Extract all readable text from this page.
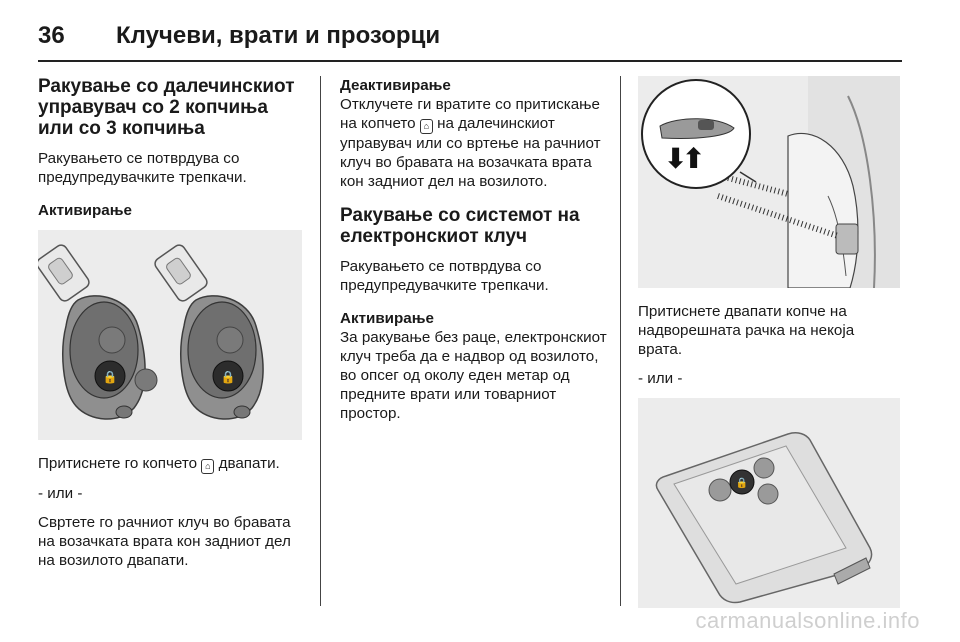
36	Клучеви, врати и прозорци

Ракување со далечинскиот управувач со 2 копчиња или со 3 копчиња

Ракувањето се потврдува со предупредувачките трепкачи.

Активирање

🔒	🔒

Притиснете го копчето ⌂ двапати.

- или -

Свртете го рачниот клуч во бравата на возачката врата кон задниот дел на возилото двапати.

Деактивирање

Отклучете ги вратите со притискање на копчето ⌂ на далечинскиот управувач или со вртење на рачниот клуч во бравата на возачката врата кон задниот дел на возилото.

Ракување со системот на електронскиот клуч

Ракувањето се потврдува со предупредувачките трепкачи.

Активирање

За ракување без раце, електронскиот клуч треба да е надвор од возилото, во опсег од околу еден метар од предните врати или товарниот простор.

⬇
⬆

Притиснете двапати копче на надворешната рачка на некоја врата.

- или -

🔒
carmanualsonline.info
